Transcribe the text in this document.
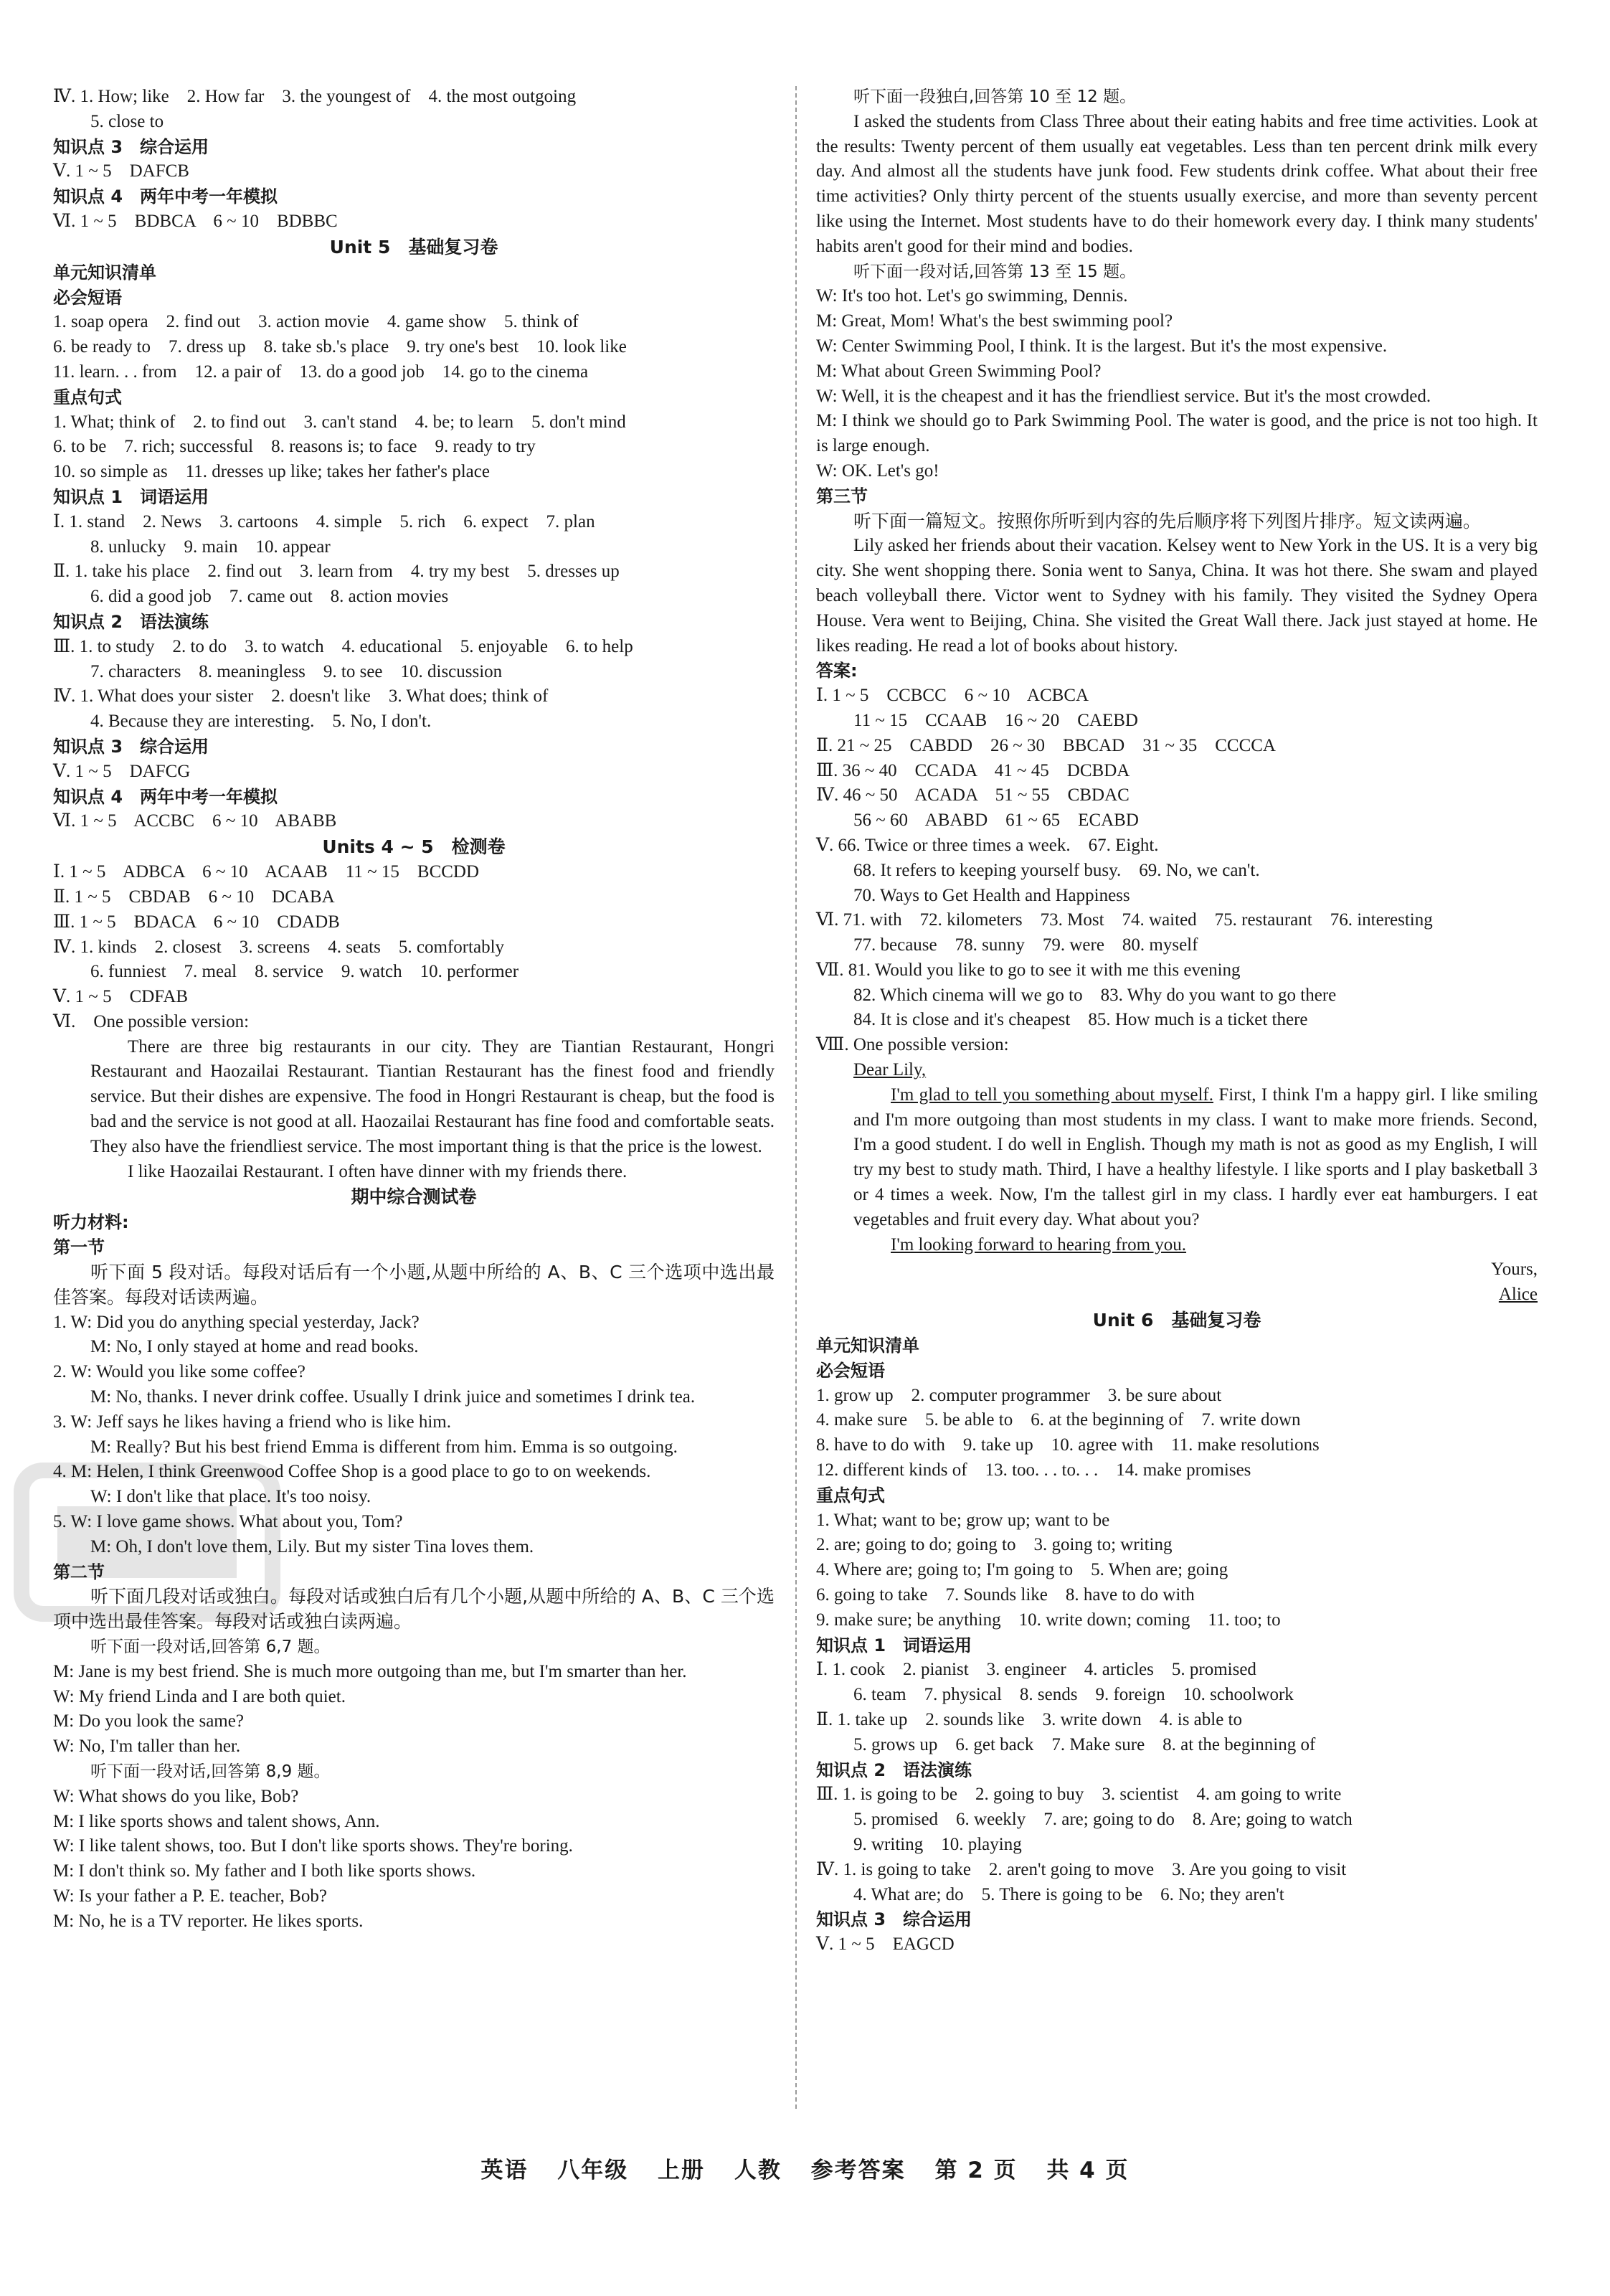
Ⅳ. 1. How; like    2. How far    3. the youngest of    4. the most outgoing
5. close to
知识点 3　综合运用
Ⅴ. 1 ~ 5    DAFCB
知识点 4　两年中考一年模拟
Ⅵ. 1 ~ 5    BDBCA    6 ~ 10    BDBBC
Unit 5　基础复习卷
单元知识清单
必会短语
1. soap opera    2. find out    3. action movie    4. game show    5. think of
6. be ready to    7. dress up    8. take sb.'s place    9. try one's best    10. look like
11. learn. . . from    12. a pair of    13. do a good job    14. go to the cinema
重点句式
1. What; think of    2. to find out    3. can't stand    4. be; to learn    5. don't mind
6. to be    7. rich; successful    8. reasons is; to face    9. ready to try
10. so simple as    11. dresses up like; takes her father's place
知识点 1　词语运用
Ⅰ. 1. stand    2. News    3. cartoons    4. simple    5. rich    6. expect    7. plan
8. unlucky    9. main    10. appear
Ⅱ. 1. take his place    2. find out    3. learn from    4. try my best    5. dresses up
6. did a good job    7. came out    8. action movies
知识点 2　语法演练
Ⅲ. 1. to study    2. to do    3. to watch    4. educational    5. enjoyable    6. to help
7. characters    8. meaningless    9. to see    10. discussion
Ⅳ. 1. What does your sister    2. doesn't like    3. What does; think of
4. Because they are interesting.    5. No, I don't.
知识点 3　综合运用
Ⅴ. 1 ~ 5    DAFCG
知识点 4　两年中考一年模拟
Ⅵ. 1 ~ 5    ACCBC    6 ~ 10    ABABB
Units 4 ~ 5　检测卷
Ⅰ. 1 ~ 5    ADBCA    6 ~ 10    ACAAB    11 ~ 15    BCCDD
Ⅱ. 1 ~ 5    CBDAB    6 ~ 10    DCABA
Ⅲ. 1 ~ 5    BDACA    6 ~ 10    CDADB
Ⅳ. 1. kinds    2. closest    3. screens    4. seats    5. comfortably
6. funniest    7. meal    8. service    9. watch    10. performer
Ⅴ. 1 ~ 5    CDFAB
Ⅵ.　One possible version:
There are three big restaurants in our city. They are Tiantian Restaurant, Hongri Restaurant and Haozailai Restaurant. Tiantian Restaurant has the finest food and friendly service. But their dishes are expensive. The food in Hongri Restaurant is cheap, but the food is bad and the service is not good at all. Haozailai Restaurant has fine food and comfortable seats. They also have the friendliest service. The most important thing is that the price is the lowest.
I like Haozailai Restaurant. I often have dinner with my friends there.
期中综合测试卷
听力材料:
第一节
听下面 5 段对话。每段对话后有一个小题,从题中所给的 A、B、C 三个选项中选出最佳答案。每段对话读两遍。
1. W: Did you do anything special yesterday, Jack?
M: No, I only stayed at home and read books.
2. W: Would you like some coffee?
M: No, thanks. I never drink coffee. Usually I drink juice and sometimes I drink tea.
3. W: Jeff says he likes having a friend who is like him.
M: Really? But his best friend Emma is different from him. Emma is so outgoing.
4. M: Helen, I think Greenwood Coffee Shop is a good place to go to on weekends.
W: I don't like that place. It's too noisy.
5. W: I love game shows. What about you, Tom?
M: Oh, I don't love them, Lily. But my sister Tina loves them.
第二节
听下面几段对话或独白。每段对话或独白后有几个小题,从题中所给的 A、B、C 三个选项中选出最佳答案。每段对话或独白读两遍。
听下面一段对话,回答第 6,7 题。
M: Jane is my best friend. She is much more outgoing than me, but I'm smarter than her.
W: My friend Linda and I are both quiet.
M: Do you look the same?
W: No, I'm taller than her.
听下面一段对话,回答第 8,9 题。
W: What shows do you like, Bob?
M: I like sports shows and talent shows, Ann.
W: I like talent shows, too. But I don't like sports shows. They're boring.
M: I don't think so. My father and I both like sports shows.
W: Is your father a P. E. teacher, Bob?
M: No, he is a TV reporter. He likes sports.
听下面一段独白,回答第 10 至 12 题。
I asked the students from Class Three about their eating habits and free time activities. Look at the results: Twenty percent of them usually eat vegetables. Less than ten percent drink milk every day. And almost all the students have junk food. Few students drink coffee. What about their free time activities? Only thirty percent of the stuents usually exercise, and more than seventy percent like using the Internet. Most students have to do their homework every day. I think many students' habits aren't good for their mind and bodies.
听下面一段对话,回答第 13 至 15 题。
W: It's too hot. Let's go swimming, Dennis.
M: Great, Mom! What's the best swimming pool?
W: Center Swimming Pool, I think. It is the largest. But it's the most expensive.
M: What about Green Swimming Pool?
W: Well, it is the cheapest and it has the friendliest service. But it's the most crowded.
M: I think we should go to Park Swimming Pool. The water is good, and the price is not too high. It is large enough.
W: OK. Let's go!
第三节
听下面一篇短文。按照你所听到内容的先后顺序将下列图片排序。短文读两遍。
Lily asked her friends about their vacation. Kelsey went to New York in the US. It is a very big city. She went shopping there. Sonia went to Sanya, China. It was hot there. She swam and played beach volleyball there. Victor went to Sydney with his family. They visited the Sydney Opera House. Vera went to Beijing, China. She visited the Great Wall there. Jack just stayed at home. He likes reading. He read a lot of books about history.
答案:
Ⅰ. 1 ~ 5    CCBCC    6 ~ 10    ACBCA
11 ~ 15    CCAAB    16 ~ 20    CAEBD
Ⅱ. 21 ~ 25    CABDD    26 ~ 30    BBCAD    31 ~ 35    CCCCA
Ⅲ. 36 ~ 40    CCADA    41 ~ 45    DCBDA
Ⅳ. 46 ~ 50    ACADA    51 ~ 55    CBDAC
56 ~ 60    ABABD    61 ~ 65    ECABD
Ⅴ. 66. Twice or three times a week.    67. Eight.
68. It refers to keeping yourself busy.    69. No, we can't.
70. Ways to Get Health and Happiness
Ⅵ. 71. with    72. kilometers    73. Most    74. waited    75. restaurant    76. interesting
77. because    78. sunny    79. were    80. myself
Ⅶ. 81. Would you like to go to see it with me this evening
82. Which cinema will we go to    83. Why do you want to go there
84. It is close and it's cheapest    85. How much is a ticket there
Ⅷ. One possible version:
Dear Lily,
I'm glad to tell you something about myself. First, I think I'm a happy girl. I like smiling and I'm more outgoing than most students in my class. I want to make more friends. Second, I'm a good student. I do well in English. Though my math is not as good as my English, I will try my best to study math. Third, I have a healthy lifestyle. I like sports and I play basketball 3 or 4 times a week. Now, I'm the tallest girl in my class. I hardly ever eat hamburgers. I eat vegetables and fruit every day. What about you?
I'm looking forward to hearing from you.
Yours,
Alice
Unit 6　基础复习卷
单元知识清单
必会短语
1. grow up    2. computer programmer    3. be sure about
4. make sure    5. be able to    6. at the beginning of    7. write down
8. have to do with    9. take up    10. agree with    11. make resolutions
12. different kinds of    13. too. . . to. . .    14. make promises
重点句式
1. What; want to be; grow up; want to be
2. are; going to do; going to    3. going to; writing
4. Where are; going to; I'm going to    5. When are; going
6. going to take    7. Sounds like    8. have to do with
9. make sure; be anything    10. write down; coming    11. too; to
知识点 1　词语运用
Ⅰ. 1. cook    2. pianist    3. engineer    4. articles    5. promised
6. team    7. physical    8. sends    9. foreign    10. schoolwork
Ⅱ. 1. take up    2. sounds like    3. write down    4. is able to
5. grows up    6. get back    7. Make sure    8. at the beginning of
知识点 2　语法演练
Ⅲ. 1. is going to be    2. going to buy    3. scientist    4. am going to write
5. promised    6. weekly    7. are; going to do    8. Are; going to watch
9. writing    10. playing
Ⅳ. 1. is going to take    2. aren't going to move    3. Are you going to visit
4. What are; do    5. There is going to be    6. No; they aren't
知识点 3　综合运用
Ⅴ. 1 ~ 5    EAGCD
英语 八年级 上册 人教 参考答案 第 2 页 共 4 页
